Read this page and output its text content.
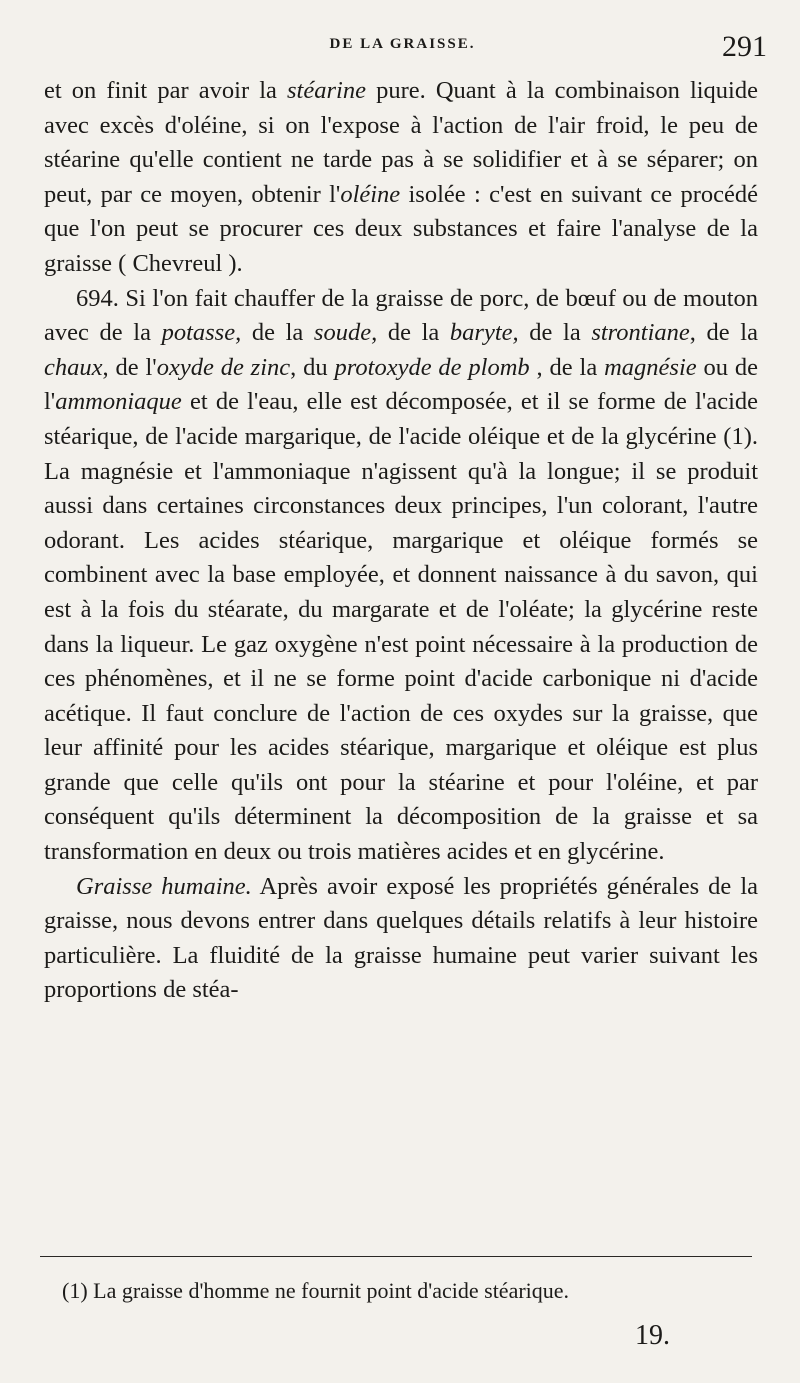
DE LA GRAISSE.	291

et on finit par avoir la stéarine pure. Quant à la combinaison liquide avec excès d'oléine, si on l'expose à l'action de l'air froid, le peu de stéarine qu'elle contient ne tarde pas à se solidifier et à se séparer; on peut, par ce moyen, obtenir l'oléine isolée : c'est en suivant ce procédé que l'on peut se procurer ces deux substances et faire l'analyse de la graisse ( Chevreul ).

694. Si l'on fait chauffer de la graisse de porc, de bœuf ou de mouton avec de la potasse, de la soude, de la baryte, de la strontiane, de la chaux, de l'oxyde de zinc, du protoxyde de plomb , de la magnésie ou de l'ammoniaque et de l'eau, elle est décomposée, et il se forme de l'acide stéarique, de l'acide margarique, de l'acide oléique et de la glycérine (1). La magnésie et l'ammoniaque n'agissent qu'à la longue; il se produit aussi dans certaines circonstances deux principes, l'un colorant, l'autre odorant. Les acides stéarique, margarique et oléique formés se combinent avec la base employée, et donnent naissance à du savon, qui est à la fois du stéarate, du margarate et de l'oléate; la glycérine reste dans la liqueur. Le gaz oxygène n'est point nécessaire à la production de ces phénomènes, et il ne se forme point d'acide carbonique ni d'acide acétique. Il faut conclure de l'action de ces oxydes sur la graisse, que leur affinité pour les acides stéarique, margarique et oléique est plus grande que celle qu'ils ont pour la stéarine et pour l'oléine, et par conséquent qu'ils déterminent la décomposition de la graisse et sa transformation en deux ou trois matières acides et en glycérine.

Graisse humaine. Après avoir exposé les propriétés générales de la graisse, nous devons entrer dans quelques détails relatifs à leur histoire particulière. La fluidité de la graisse humaine peut varier suivant les proportions de stéa-

(1) La graisse d'homme ne fournit point d'acide stéarique.
19.
